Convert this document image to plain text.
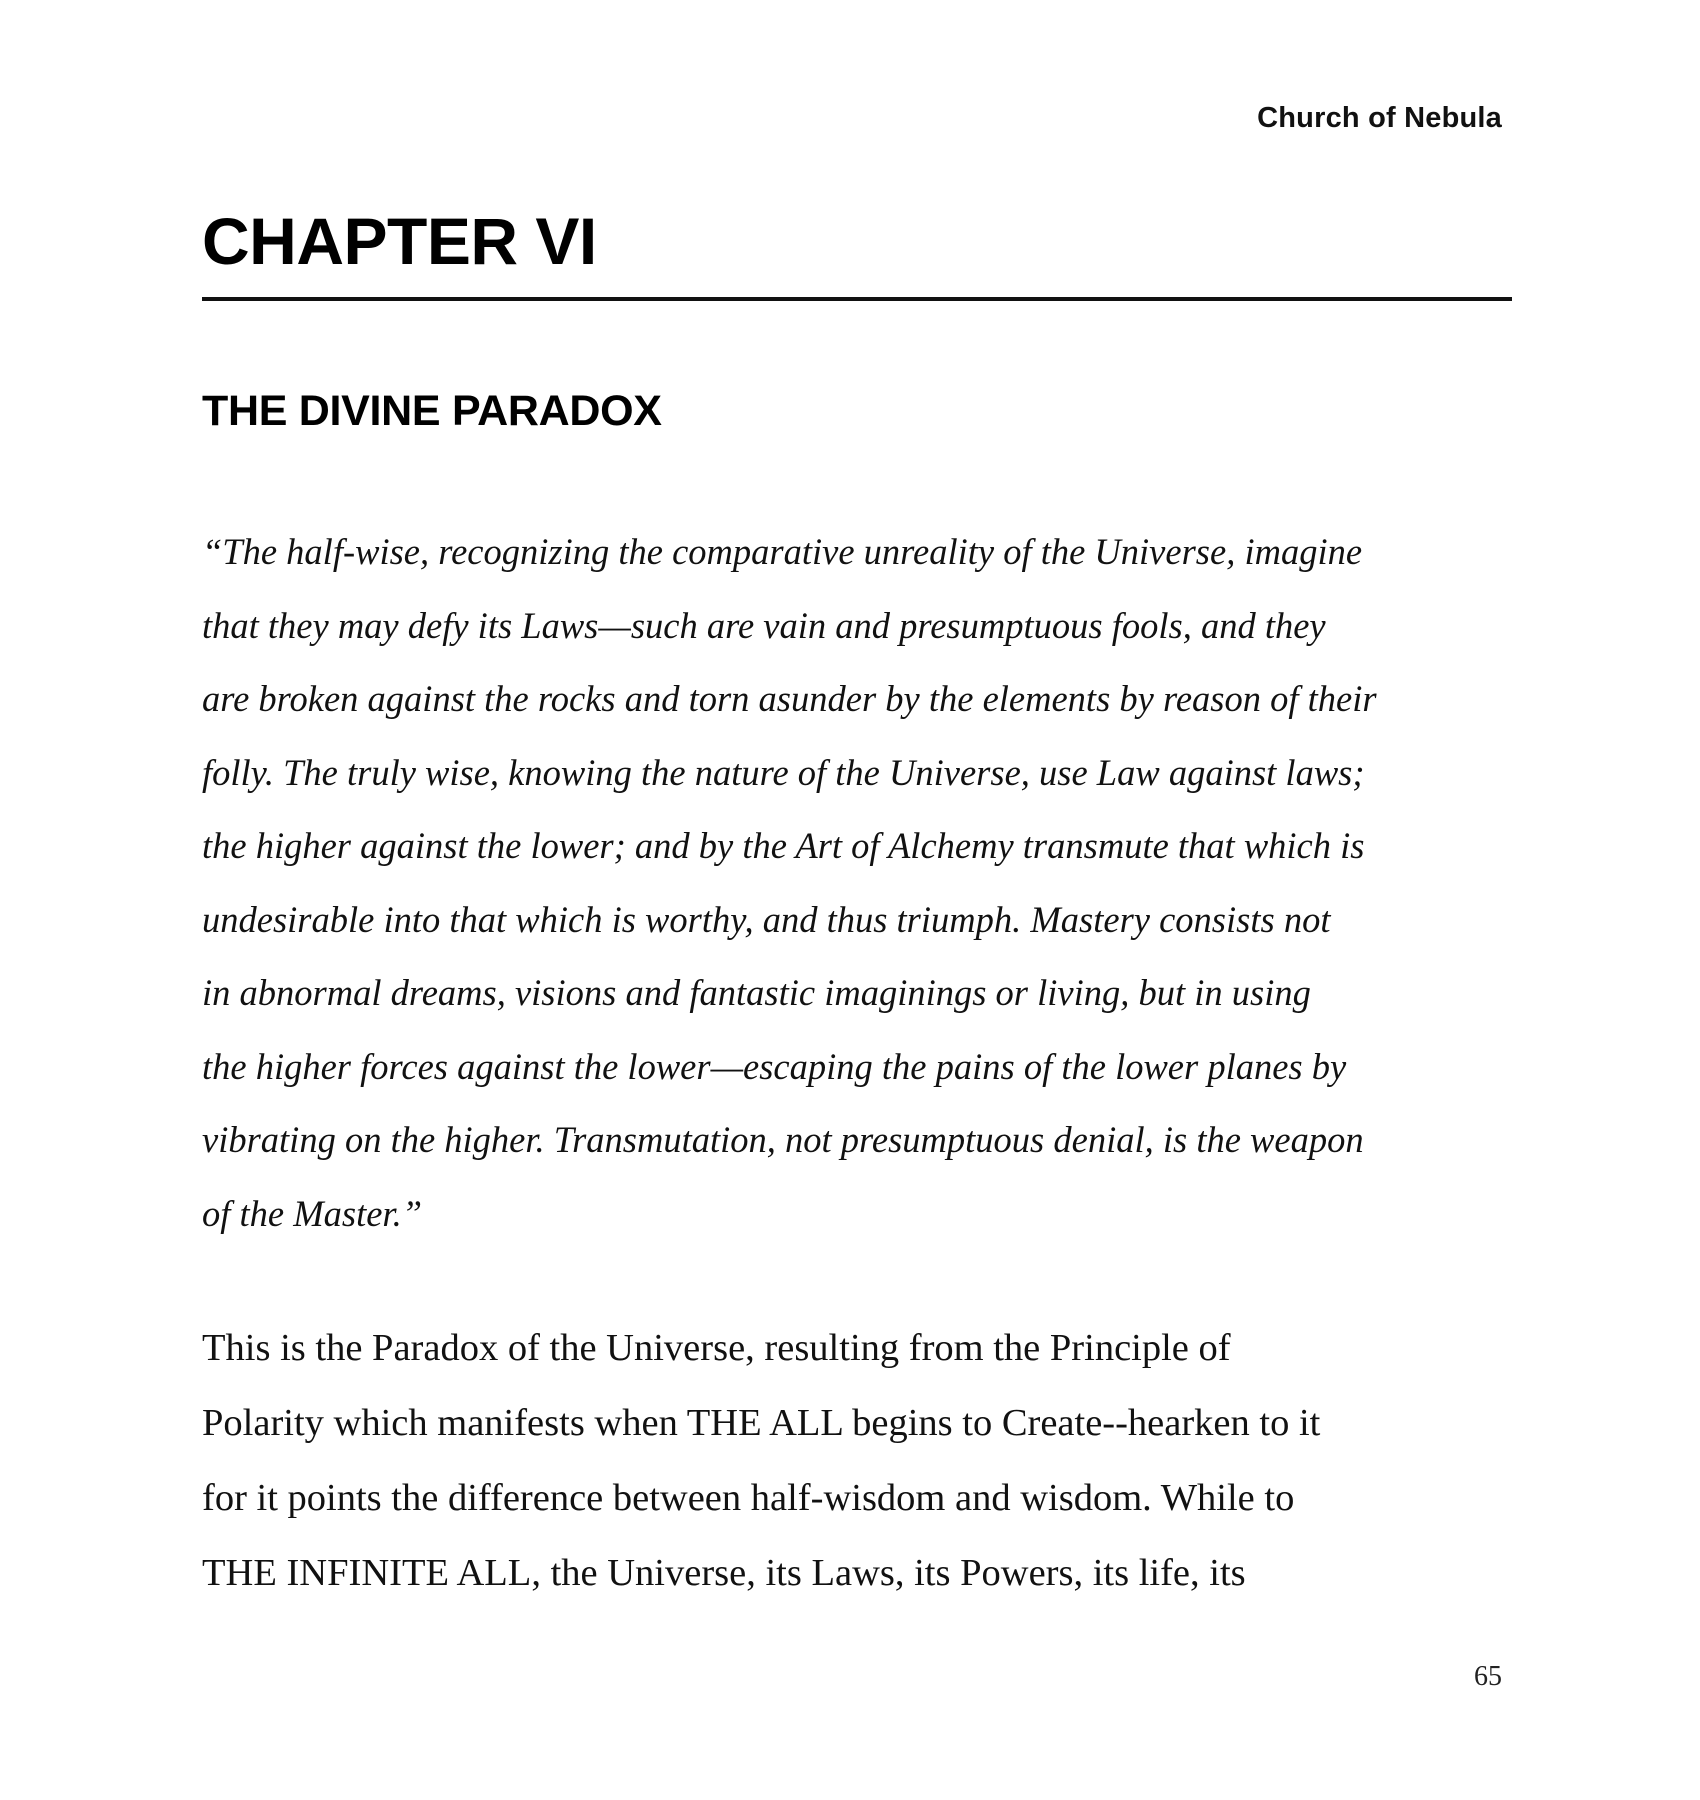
Church of Nebula
CHAPTER VI
THE DIVINE PARADOX
“The half-wise, recognizing the comparative unreality of the Universe, imagine
that they may defy its Laws—such are vain and presumptuous fools, and they
are broken against the rocks and torn asunder by the elements by reason of their
folly. The truly wise, knowing the nature of the Universe, use Law against laws;
the higher against the lower; and by the Art of Alchemy transmute that which is
undesirable into that which is worthy, and thus triumph. Mastery consists not
in abnormal dreams, visions and fantastic imaginings or living, but in using
the higher forces against the lower—escaping the pains of the lower planes by
vibrating on the higher. Transmutation, not presumptuous denial, is the weapon
of the Master.”
This is the Paradox of the Universe, resulting from the Principle of
Polarity which manifests when THE ALL begins to Create--hearken to it
for it points the difference between half-wisdom and wisdom. While to
THE INFINITE ALL, the Universe, its Laws, its Powers, its life, its
65
